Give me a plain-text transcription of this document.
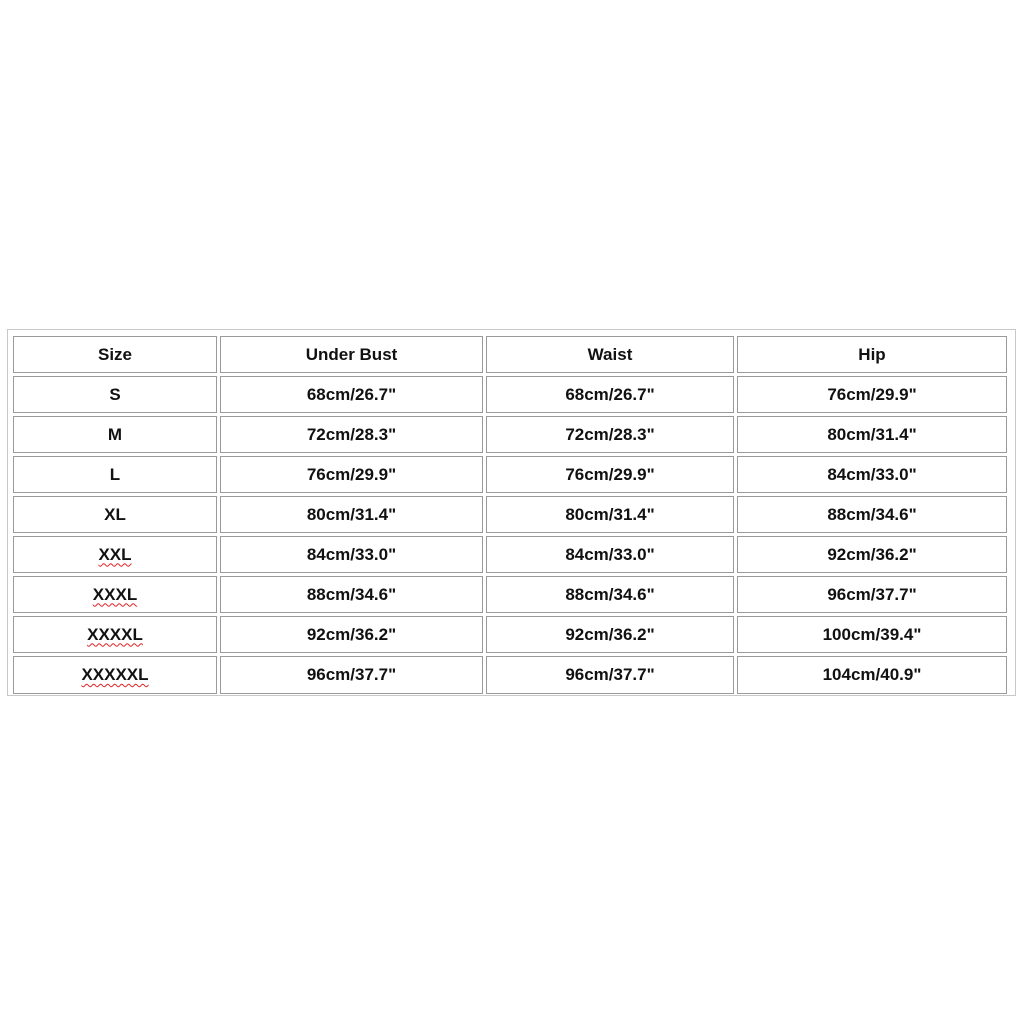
Size	Under Bust	Waist	Hip
S	68cm/26.7"	68cm/26.7"	76cm/29.9"
M	72cm/28.3"	72cm/28.3"	80cm/31.4"
L	76cm/29.9"	76cm/29.9"	84cm/33.0"
XL	80cm/31.4"	80cm/31.4"	88cm/34.6"
XXL	84cm/33.0"	84cm/33.0"	92cm/36.2"
XXXL	88cm/34.6"	88cm/34.6"	96cm/37.7"
XXXXL	92cm/36.2"	92cm/36.2"	100cm/39.4"
XXXXXL	96cm/37.7"	96cm/37.7"	104cm/40.9"
